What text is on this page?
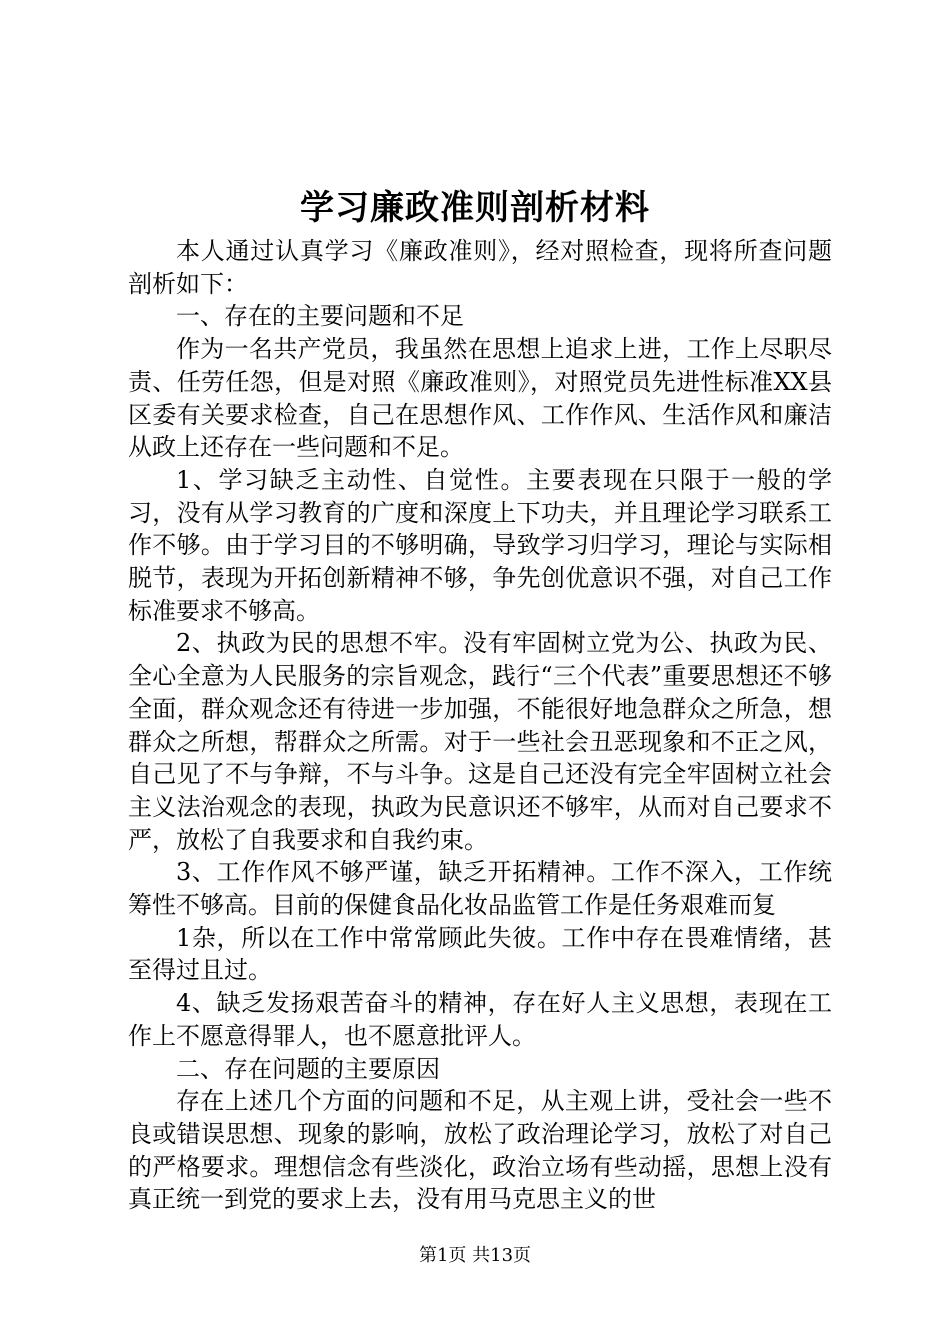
学习廉政准则剖析材料

本人通过认真学习《廉政准则》，经对照检查，现将所查问题剖析如下：

一、存在的主要问题和不足

作为一名共产党员，我虽然在思想上追求上进，工作上尽职尽责、任劳任怨，但是对照《廉政准则》，对照党员先进性标准XX县区委有关要求检查，自己在思想作风、工作作风、生活作风和廉洁从政上还存在一些问题和不足。

1、学习缺乏主动性、自觉性。主要表现在只限于一般的学习，没有从学习教育的广度和深度上下功夫，并且理论学习联系工作不够。由于学习目的不够明确，导致学习归学习，理论与实际相脱节，表现为开拓创新精神不够，争先创优意识不强，对自己工作标准要求不够高。

2、执政为民的思想不牢。没有牢固树立党为公、执政为民、全心全意为人民服务的宗旨观念，践行“三个代表”重要思想还不够全面，群众观念还有待进一步加强，不能很好地急群众之所急，想群众之所想，帮群众之所需。对于一些社会丑恶现象和不正之风，自己见了不与争辩，不与斗争。这是自己还没有完全牢固树立社会主义法治观念的表现，执政为民意识还不够牢，从而对自己要求不严，放松了自我要求和自我约束。

3、工作作风不够严谨，缺乏开拓精神。工作不深入，工作统筹性不够高。目前的保健食品化妆品监管工作是任务艰难而复

1杂，所以在工作中常常顾此失彼。工作中存在畏难情绪，甚至得过且过。

4、缺乏发扬艰苦奋斗的精神，存在好人主义思想，表现在工作上不愿意得罪人，也不愿意批评人。

二、存在问题的主要原因

存在上述几个方面的问题和不足，从主观上讲，受社会一些不良或错误思想、现象的影响，放松了政治理论学习，放松了对自己的严格要求。理想信念有些淡化，政治立场有些动摇，思想上没有真正统一到党的要求上去，没有用马克思主义的世

第1页 共13页
